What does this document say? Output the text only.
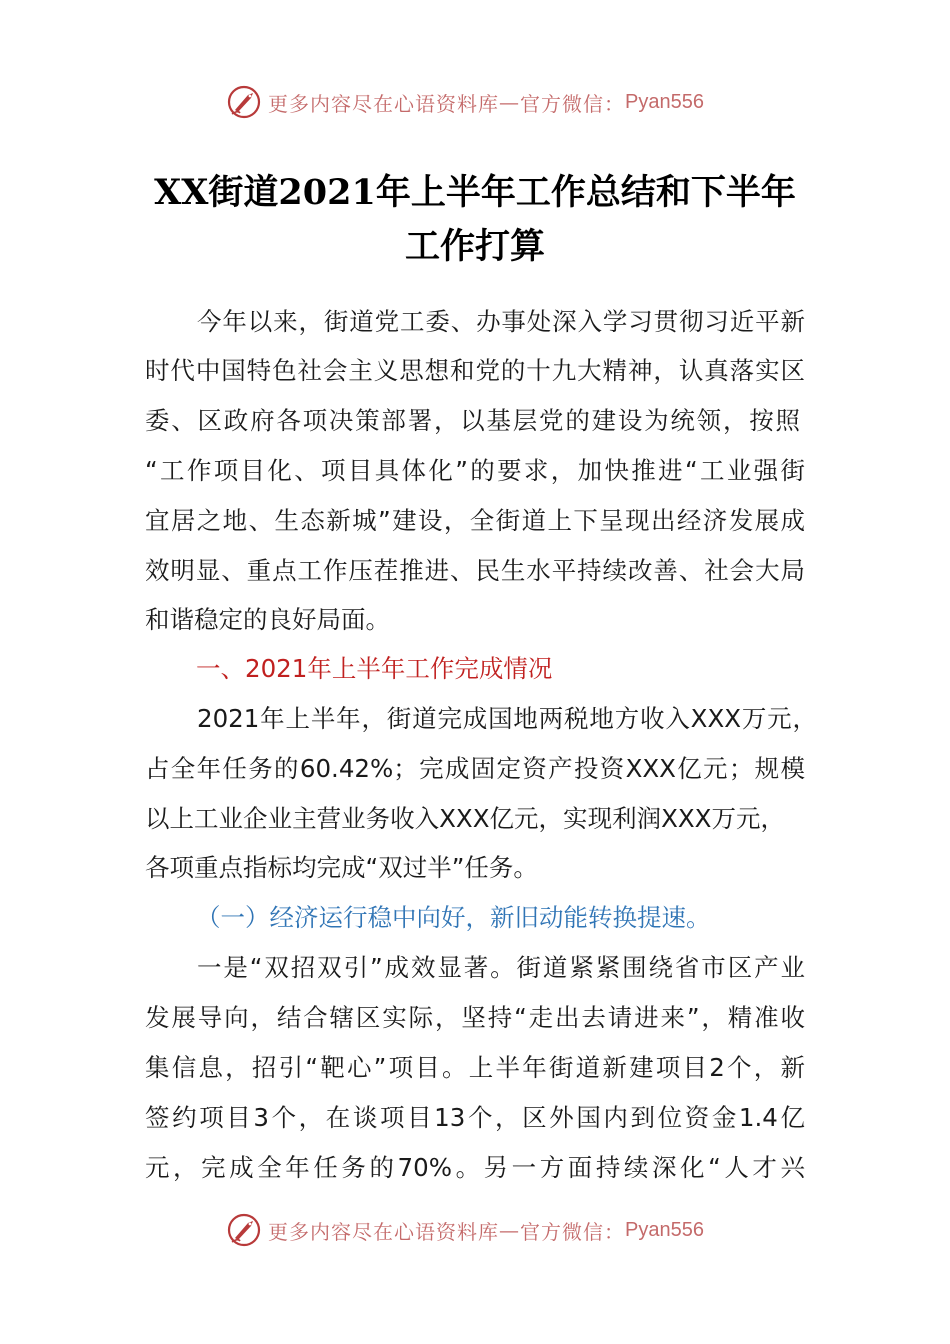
更多内容尽在心语资料库 — 官方微信： Pyan556
XX街道2021年上半年工作总结和下半年
工作打算
今年以来，街道党工委、办事处深入学习贯彻习近平新
时代中国特色社会主义思想和党的十九大精神，认真落实区
委、区政府各项决策部署，以基层党的建设为统领，按照
“工作项目化、项目具体化”的要求，加快推进“工业强街
宜居之地、生态新城”建设，全街道上下呈现出经济发展成
效明显、重点工作压茬推进、民生水平持续改善、社会大局
和谐稳定的良好局面。
一、2021年上半年工作完成情况
2021年上半年，街道完成国地两税地方收入XXX万元，
占全年任务的60.42%；完成固定资产投资XXX亿元；规模
以上工业企业主营业务收入XXX亿元，实现利润XXX万元，
各项重点指标均完成“双过半”任务。
（一）经济运行稳中向好，新旧动能转换提速。
一是“双招双引”成效显著。街道紧紧围绕省市区产业
发展导向，结合辖区实际，坚持“走出去请进来”，精准收
集信息，招引“靶心”项目。上半年街道新建项目2个，新
签约项目3个，在谈项目13个，区外国内到位资金1.4亿
元，完成全年任务的70%。另一方面持续深化“人才兴
更多内容尽在心语资料库 — 官方微信： Pyan556
